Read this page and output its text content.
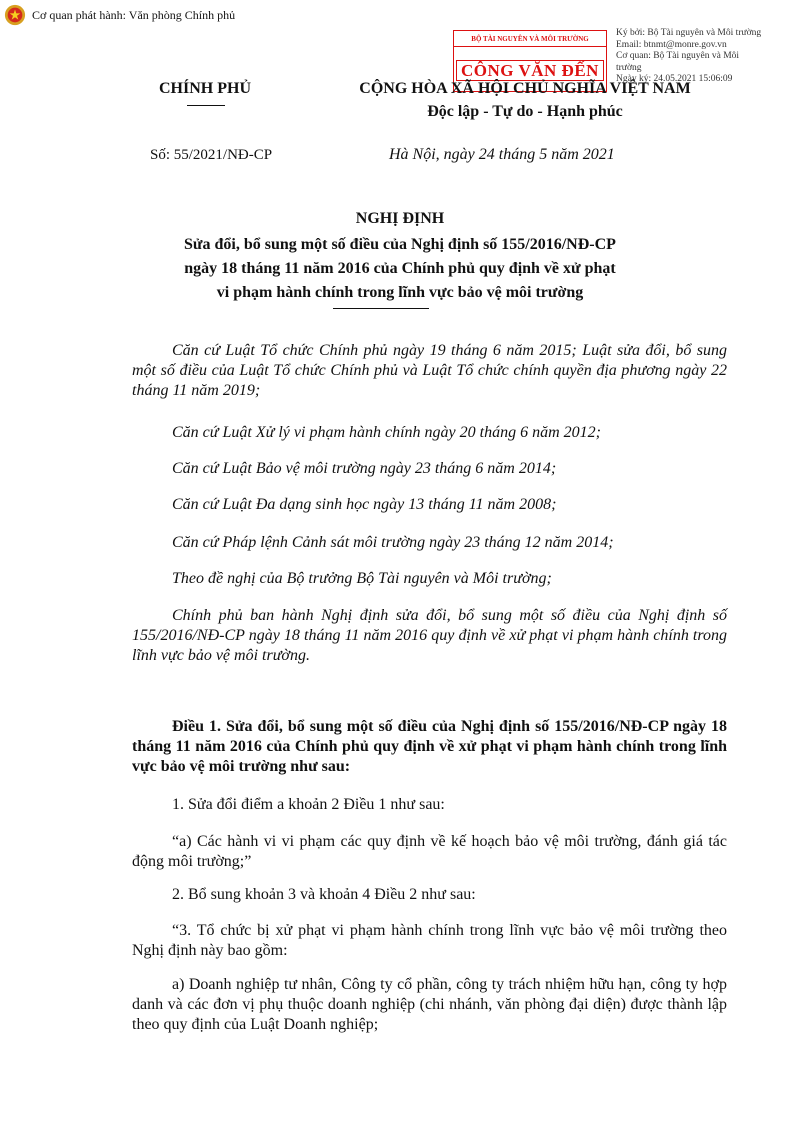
Cơ quan phát hành: Văn phòng Chính phủ
BỘ TÀI NGUYÊN VÀ MÔI TRƯỜNG
CÔNG VĂN ĐẾN
Ký bởi: Bộ Tài nguyên và Môi trường
Email: btnmt@monre.gov.vn
Cơ quan: Bộ Tài nguyên và Môi
trường
Ngày ký: 24.05.2021 15:06:09
CHÍNH PHỦ	CỘNG HÒA XÃ HỘI CHỦ NGHĨA VIỆT NAM
Độc lập - Tự do - Hạnh phúc
Số: 55/2021/NĐ-CP	Hà Nội, ngày 24 tháng 5 năm 2021
NGHỊ ĐỊNH
Sửa đổi, bổ sung một số điều của Nghị định số 155/2016/NĐ-CP
ngày 18 tháng 11 năm 2016 của Chính phủ quy định về xử phạt
vi phạm hành chính trong lĩnh vực bảo vệ môi trường
Căn cứ Luật Tổ chức Chính phủ ngày 19 tháng 6 năm 2015; Luật sửa đổi, bổ sung một số điều của Luật Tổ chức Chính phủ và Luật Tổ chức chính quyền địa phương ngày 22 tháng 11 năm 2019;
Căn cứ Luật Xử lý vi phạm hành chính ngày 20 tháng 6 năm 2012;
Căn cứ Luật Bảo vệ môi trường ngày 23 tháng 6 năm 2014;
Căn cứ Luật Đa dạng sinh học ngày 13 tháng 11 năm 2008;
Căn cứ Pháp lệnh Cảnh sát môi trường ngày 23 tháng 12 năm 2014;
Theo đề nghị của Bộ trưởng Bộ Tài nguyên và Môi trường;
Chính phủ ban hành Nghị định sửa đổi, bổ sung một số điều của Nghị định số 155/2016/NĐ-CP ngày 18 tháng 11 năm 2016 quy định về xử phạt vi phạm hành chính trong lĩnh vực bảo vệ môi trường.
Điều 1. Sửa đổi, bổ sung một số điều của Nghị định số 155/2016/NĐ-CP ngày 18 tháng 11 năm 2016 của Chính phủ quy định về xử phạt vi phạm hành chính trong lĩnh vực bảo vệ môi trường như sau:
1. Sửa đổi điểm a khoản 2 Điều 1 như sau:
“a) Các hành vi vi phạm các quy định về kế hoạch bảo vệ môi trường, đánh giá tác động môi trường;”
2. Bổ sung khoản 3 và khoản 4 Điều 2 như sau:
“3. Tổ chức bị xử phạt vi phạm hành chính trong lĩnh vực bảo vệ môi trường theo Nghị định này bao gồm:
a) Doanh nghiệp tư nhân, Công ty cổ phần, công ty trách nhiệm hữu hạn, công ty hợp danh và các đơn vị phụ thuộc doanh nghiệp (chi nhánh, văn phòng đại diện) được thành lập theo quy định của Luật Doanh nghiệp;
